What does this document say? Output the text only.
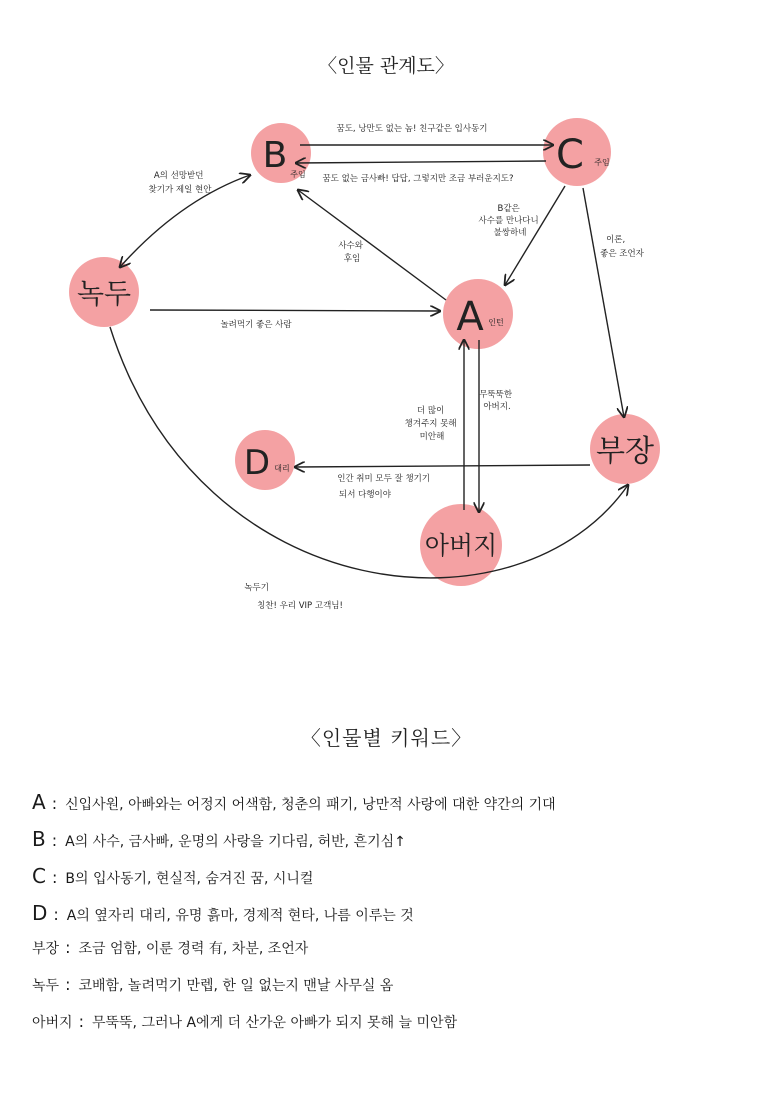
〈인물 관계도〉
B 주임	C 주임
녹두
A 인턴
D 대리	부장
아버지
꿈도, 낭만도 없는 놈! 친구같은 입사동기
꿈도 없는 금사빠! 답답, 그렇지만 조금 부러운지도?
A의 선망받던 찾기가 제일 현안
사수와 후임
B같은 사수를 만나다니 불쌍하네
이론, 좋은 조언자
놀려먹기 좋은 사람
더 많이 챙겨주지 못해 미안해
무뚝뚝한 아버지.
인간 취미 모두 잘 챙기기 되서 다행이야
녹두기 칭찬! 우리 VIP 고객님!
〈인물별 키워드〉
A : 신입사원, 아빠와는 어정지 어색함, 청춘의 패기, 낭만적 사랑에 대한 약간의 기대
B : A의 사수, 금사빠, 운명의 사랑을 기다림, 허반, 흔기심↑
C : B의 입사동기, 현실적, 숨겨진 꿈, 시니컬
D : A의 옆자리 대리, 유명 흙마, 경제적 현타, 나름 이루는 것
부장 : 조금 엄함, 이룬 경력 有, 차분, 조언자
녹두 : 코배함, 놀려먹기 만렙, 한 일 없는지 맨날 사무실 옴
아버지 : 무뚝뚝, 그러나 A에게 더 산가운 아빠가 되지 못해 늘 미안함
